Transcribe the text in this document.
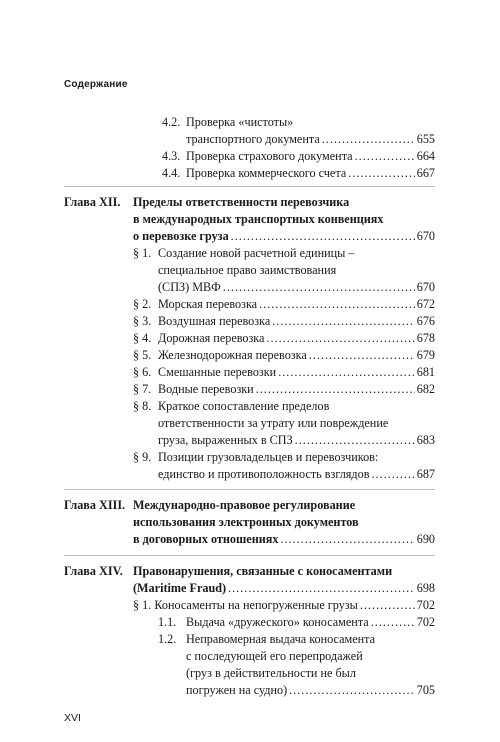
Содержание
4.2. Проверка «чистоты»
транспортного документа .....	655
4.3. Проверка страхового документа .....	664
4.4. Проверка коммерческого счета .....	667
Глава XII. Пределы ответственности перевозчика
в международных транспортных конвенциях
о перевозке груза .....	670
§ 1. Создание новой расчетной единицы –
специальное право заимствования
(СПЗ) МВФ .....	670
§ 2. Морская перевозка .....	672
§ 3. Воздушная перевозка .....	676
§ 4. Дорожная перевозка .....	678
§ 5. Железнодорожная перевозка .....	679
§ 6. Смешанные перевозки .....	681
§ 7. Водные перевозки .....	682
§ 8. Краткое сопоставление пределов
ответственности за утрату или повреждение
груза, выраженных в СПЗ .....	683
§ 9. Позиции грузовладельцев и перевозчиков:
единство и противоположность взглядов .....	687
Глава XIII. Международно-правовое регулирование
использования электронных документов
в договорных отношениях .....	690
Глава XIV. Правонарушения, связанные с коносаментами
(Maritime Fraud) .....	698
§ 1. Коносаменты на непогруженные грузы .....	702
1.1. Выдача «дружеского» коносамента .....	702
1.2. Неправомерная выдача коносамента
с последующей его перепродажей
(груз в действительности не был
погружен на судно) .....	705
XVI
